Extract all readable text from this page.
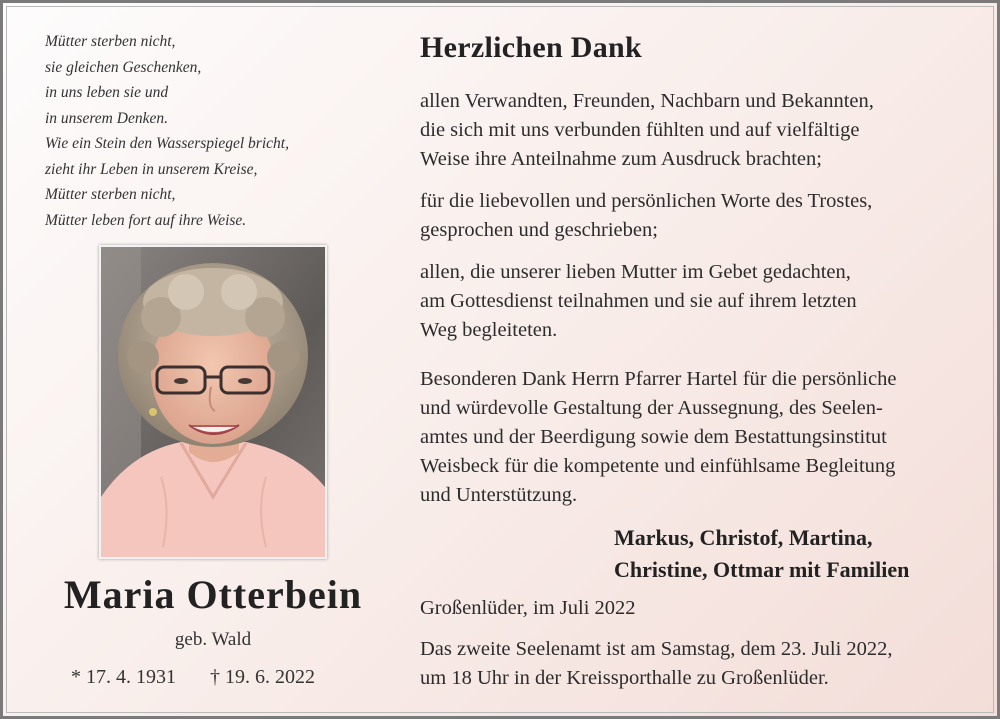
Mütter sterben nicht,
sie gleichen Geschenken,
in uns leben sie und
in unserem Denken.
Wie ein Stein den Wasserspiegel bricht,
zieht ihr Leben in unserem Kreise,
Mütter sterben nicht,
Mütter leben fort auf ihre Weise.
Maria Otterbein
geb. Wald
* 17. 4. 1931 † 19. 6. 2022
Herzlichen Dank
allen Verwandten, Freunden, Nachbarn und Bekannten,
die sich mit uns verbunden fühlten und auf vielfältige
Weise ihre Anteilnahme zum Ausdruck brachten;
für die liebevollen und persönlichen Worte des Trostes,
gesprochen und geschrieben;
allen, die unserer lieben Mutter im Gebet gedachten,
am Gottesdienst teilnahmen und sie auf ihrem letzten
Weg begleiteten.
Besonderen Dank Herrn Pfarrer Hartel für die persönliche
und würdevolle Gestaltung der Aussegnung, des Seelen-
amtes und der Beerdigung sowie dem Bestattungsinstitut
Weisbeck für die kompetente und einfühlsame Begleitung
und Unterstützung.
Markus, Christof, Martina,
Christine, Ottmar mit Familien
Großenlüder, im Juli 2022
Das zweite Seelenamt ist am Samstag, dem 23. Juli 2022,
um 18 Uhr in der Kreissporthalle zu Großenlüder.
